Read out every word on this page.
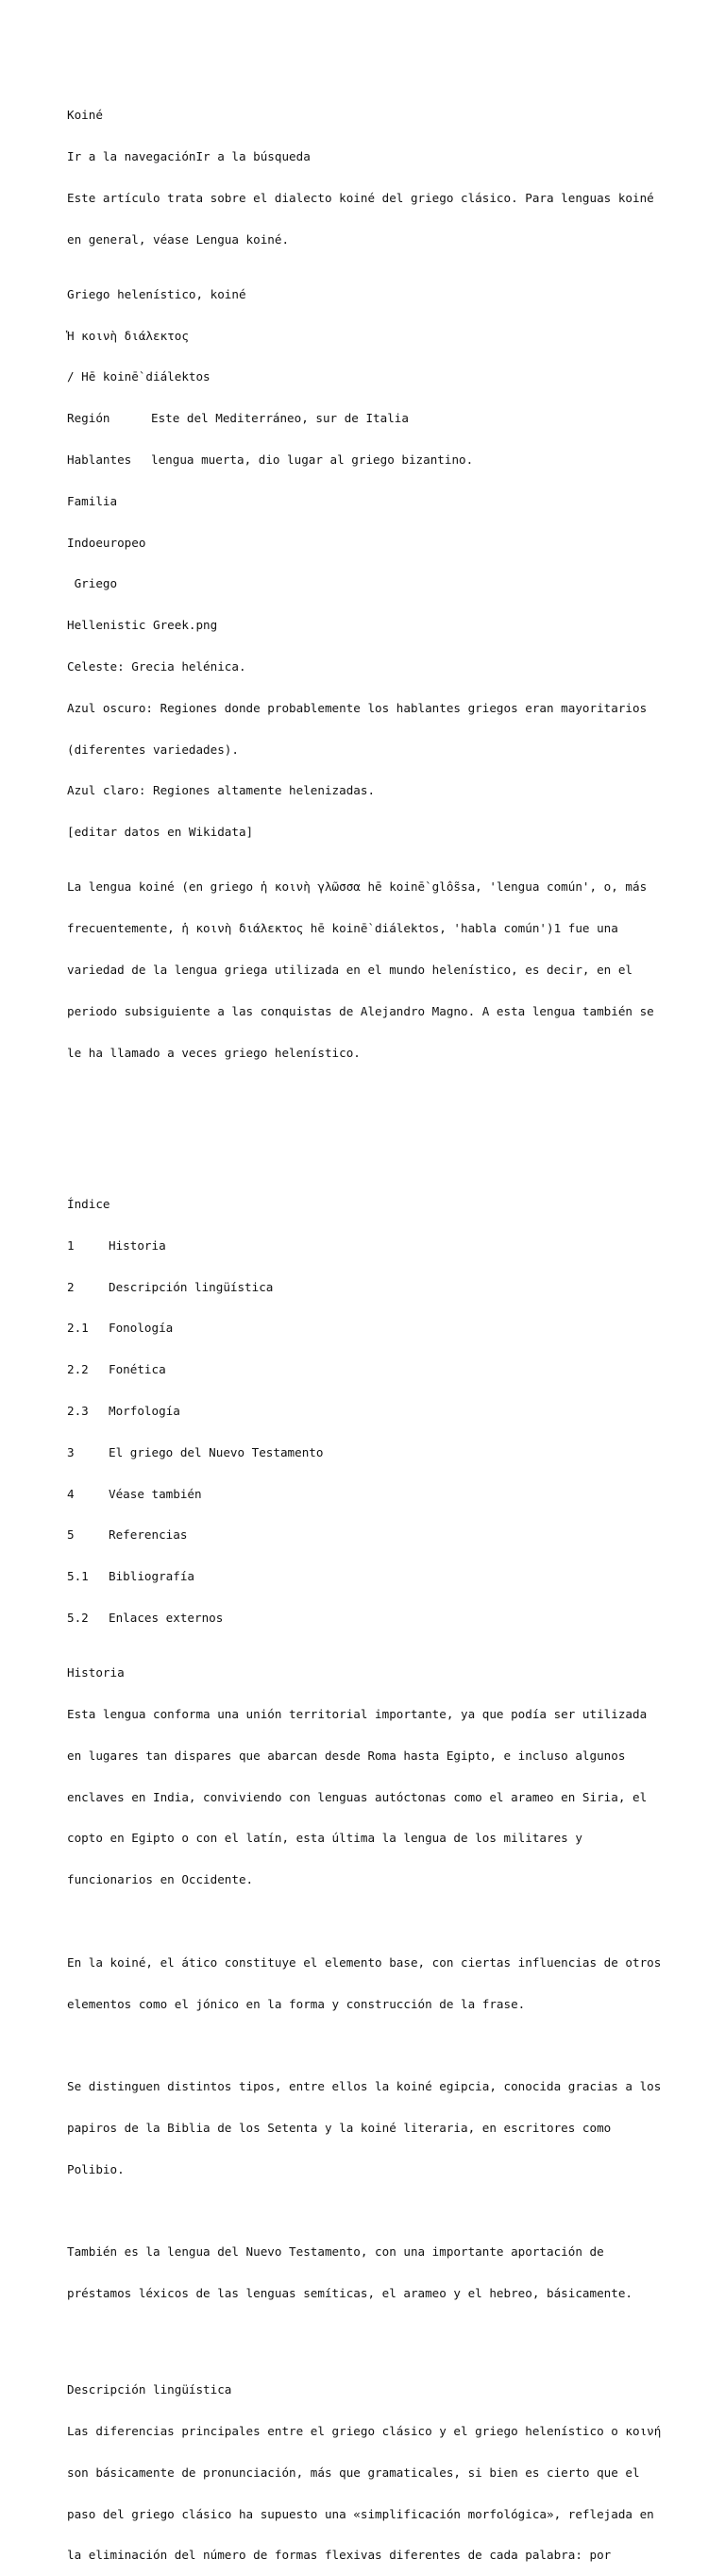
Koiné

Ir a la navegaciónIr a la búsqueda

Este artículo trata sobre el dialecto koiné del griego clásico. Para lenguas koiné

en general, véase Lengua koiné.

Griego helenístico, koiné

Ἡ κοινὴ διάλεκτος

/ Hē koinḕ diálektos

Región	Este del Mediterráneo, sur de Italia

Hablantes lengua muerta, dio lugar al griego bizantino.

Familia

Indoeuropeo

Griego

Hellenistic Greek.png

Celeste: Grecia helénica.

Azul oscuro: Regiones donde probablemente los hablantes griegos eran mayoritarios

(diferentes variedades).

Azul claro: Regiones altamente helenizadas.

[editar datos en Wikidata]

La lengua koiné (en griego ἡ κοινὴ γλῶσσα hē koinḕ glỗssa, 'lengua común', o, más

frecuentemente, ἡ κοινὴ διάλεκτος hē koinḕ diálektos, 'habla común')1 fue una

variedad de la lengua griega utilizada en el mundo helenístico, es decir, en el

periodo subsiguiente a las conquistas de Alejandro Magno. A esta lengua también se

le ha llamado a veces griego helenístico.

Índice

1	Historia

2	Descripción lingüística

2.1 Fonología

2.2 Fonética

2.3 Morfología

3	El griego del Nuevo Testamento

4	Véase también

5	Referencias

5.1 Bibliografía

5.2 Enlaces externos

Historia

Esta lengua conforma una unión territorial importante, ya que podía ser utilizada

en lugares tan dispares que abarcan desde Roma hasta Egipto, e incluso algunos

enclaves en India, conviviendo con lenguas autóctonas como el arameo en Siria, el

copto en Egipto o con el latín, esta última la lengua de los militares y

funcionarios en Occidente.

En la koiné, el ático constituye el elemento base, con ciertas influencias de otros

elementos como el jónico en la forma y construcción de la frase.

Se distinguen distintos tipos, entre ellos la koiné egipcia, conocida gracias a los

papiros de la Biblia de los Setenta y la koiné literaria, en escritores como

Polibio.

También es la lengua del Nuevo Testamento, con una importante aportación de

préstamos léxicos de las lenguas semíticas, el arameo y el hebreo, básicamente.

Descripción lingüística

Las diferencias principales entre el griego clásico y el griego helenístico o κοινή

son básicamente de pronunciación, más que gramaticales, si bien es cierto que el

paso del griego clásico ha supuesto una «simplificación morfológica», reflejada en

la eliminación del número de formas flexivas diferentes de cada palabra: por
